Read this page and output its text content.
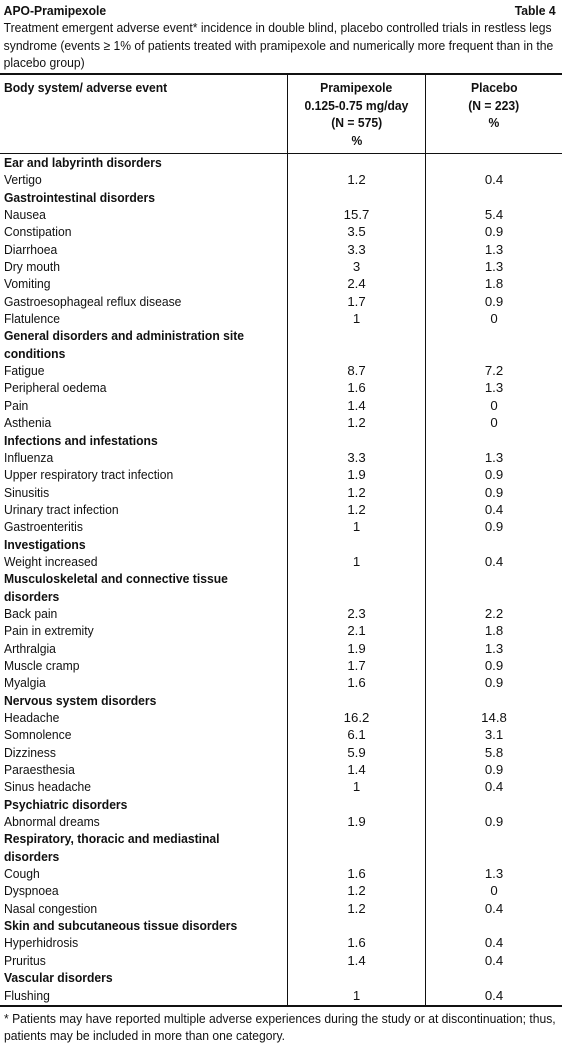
APO-Pramipexole	Table 4
Treatment emergent adverse event* incidence in double blind, placebo controlled trials in restless legs syndrome (events ≥ 1% of patients treated with pramipexole and numerically more frequent than in the placebo group)
Body system/ adverse event	Pramipexole
0.125-0.75 mg/day
(N = 575)
%
Placebo
(N = 223)
%
Ear and labyrinth disorders
Vertigo	1.2	0.4
Gastrointestinal disorders
Nausea	15.7	5.4
Constipation	3.5	0.9
Diarrhoea	3.3	1.3
Dry mouth	3	1.3
Vomiting	2.4	1.8
Gastroesophageal reflux disease	1.7	0.9
Flatulence	1	0
General disorders and administration site
conditions
Fatigue	8.7	7.2
Peripheral oedema	1.6	1.3
Pain	1.4	0
Asthenia	1.2	0
Infections and infestations
Influenza	3.3	1.3
Upper respiratory tract infection	1.9	0.9
Sinusitis	1.2	0.9
Urinary tract infection	1.2	0.4
Gastroenteritis	1	0.9
Investigations
Weight increased	1	0.4
Musculoskeletal and connective tissue
disorders
Back pain	2.3	2.2
Pain in extremity	2.1	1.8
Arthralgia	1.9	1.3
Muscle cramp	1.7	0.9
Myalgia	1.6	0.9
Nervous system disorders
Headache	16.2	14.8
Somnolence	6.1	3.1
Dizziness	5.9	5.8
Paraesthesia	1.4	0.9
Sinus headache	1	0.4
Psychiatric disorders
Abnormal dreams	1.9	0.9
Respiratory, thoracic and mediastinal
disorders
Cough	1.6	1.3
Dyspnoea	1.2	0
Nasal congestion	1.2	0.4
Skin and subcutaneous tissue disorders
Hyperhidrosis	1.6	0.4
Pruritus	1.4	0.4
Vascular disorders
Flushing	1	0.4
* Patients may have reported multiple adverse experiences during the study or at discontinuation; thus, patients may be included in more than one category.
